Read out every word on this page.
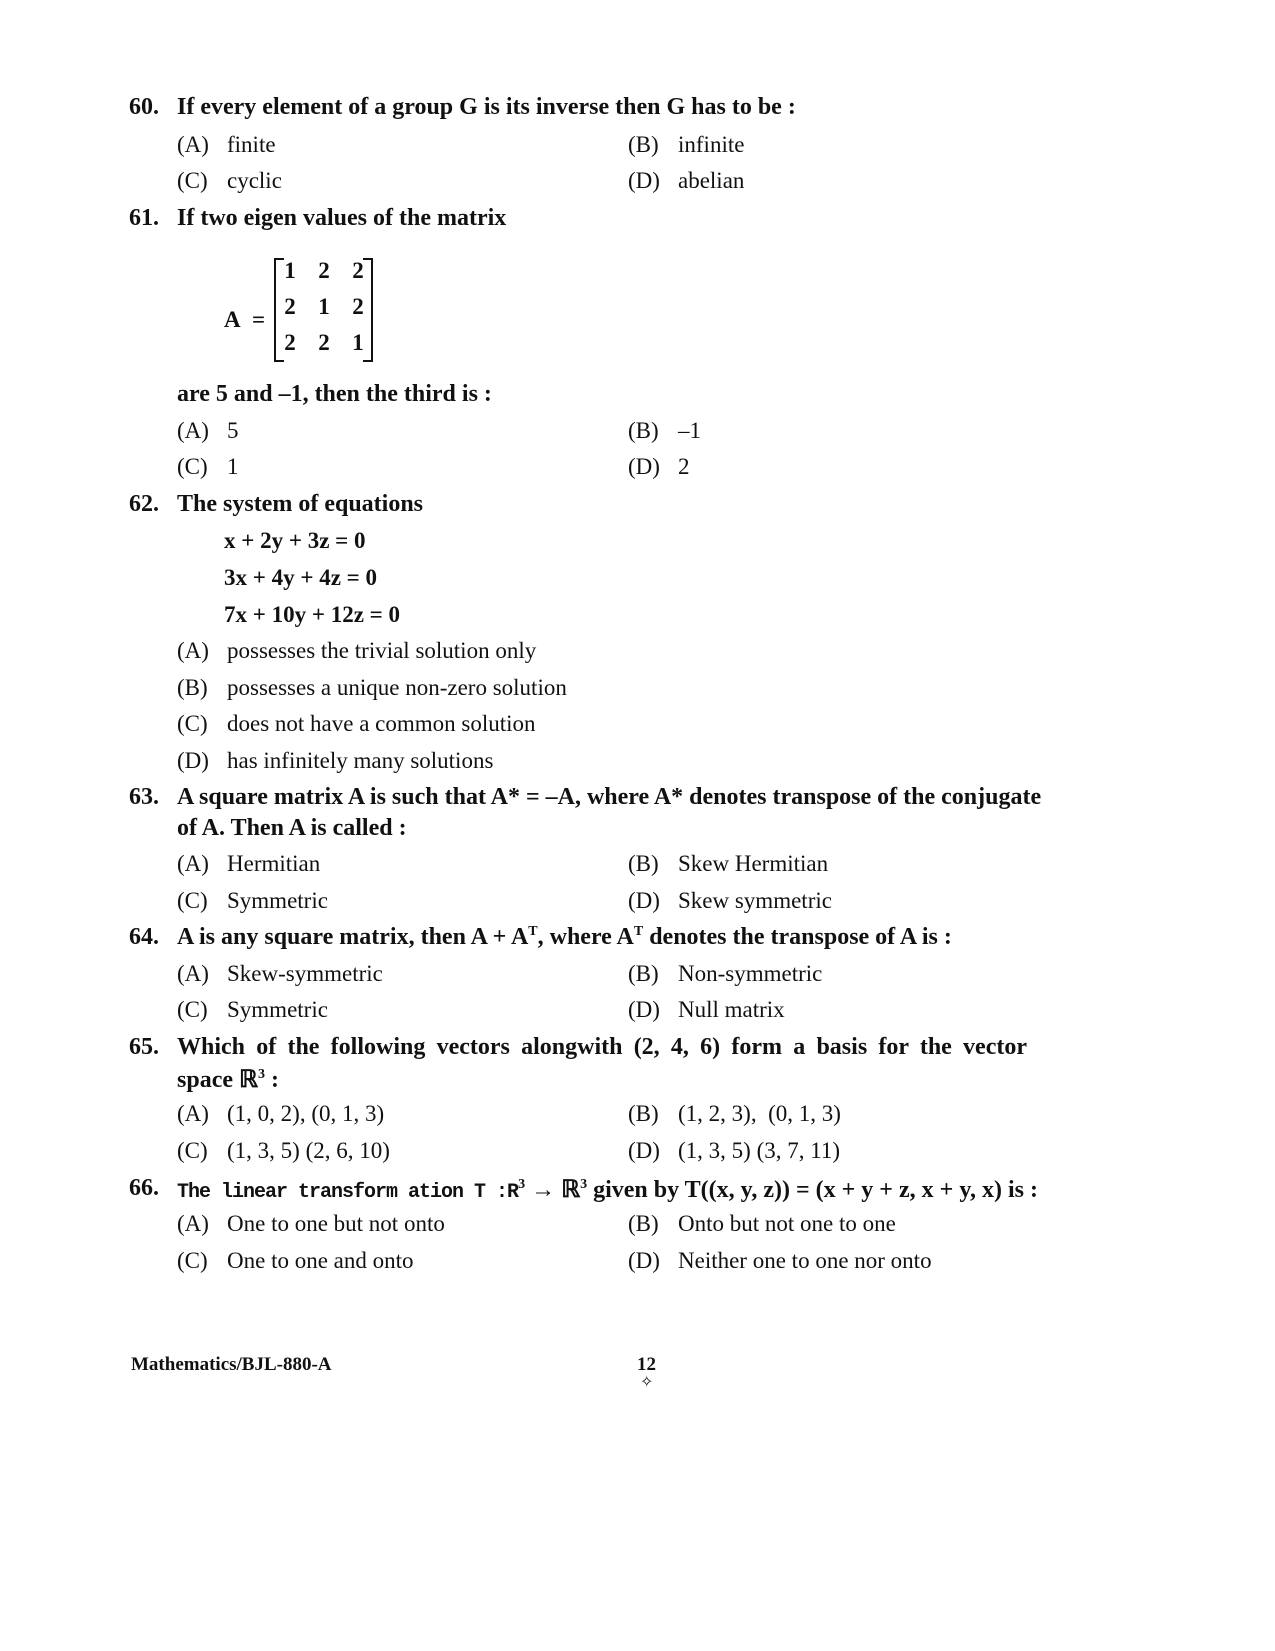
60. If every element of a group G is its inverse then G has to be :
(A) finite	(B) infinite
(C) cyclic	(D) abelian
61. If two eigen values of the matrix
A =
1 2 2
2 1 2
2 2 1
are 5 and –1, then the third is :
(A) 5	(B) –1
(C) 1	(D) 2
62. The system of equations
x + 2y + 3z = 0
3x + 4y + 4z = 0
7x + 10y + 12z = 0
(A) possesses the trivial solution only
(B) possesses a unique non-zero solution
(C) does not have a common solution
(D) has infinitely many solutions
63. A square matrix A is such that A* = –A, where A* denotes transpose of the conjugate
of A. Then A is called :
(A) Hermitian	(B) Skew Hermitian
(C) Symmetric	(D) Skew symmetric
64. A is any square matrix, then $A + A^T$, where $A^T$ denotes the transpose of A is :
(A) Skew-symmetric	(B) Non-symmetric
(C) Symmetric	(D) Null matrix
65. Which of the following vectors alongwith (2, 4, 6) form a basis for the vector
space ℝ$^3$ :
(A) (1, 0, 2), (0, 1, 3)	(B) (1, 2, 3),  (0, 1, 3)
(C) (1, 3, 5) (2, 6, 10)	(D) (1, 3, 5) (3, 7, 11)
66. The linear transform ation T $:R^3$ → ℝ$^3$ given by T((x, y, z)) = (x + y + z, x + y, x) is :
(A) One to one but not onto	(B) Onto but not one to one
(C) One to one and onto	(D) Neither one to one nor onto
Mathematics/BJL-880-A	12
✧
